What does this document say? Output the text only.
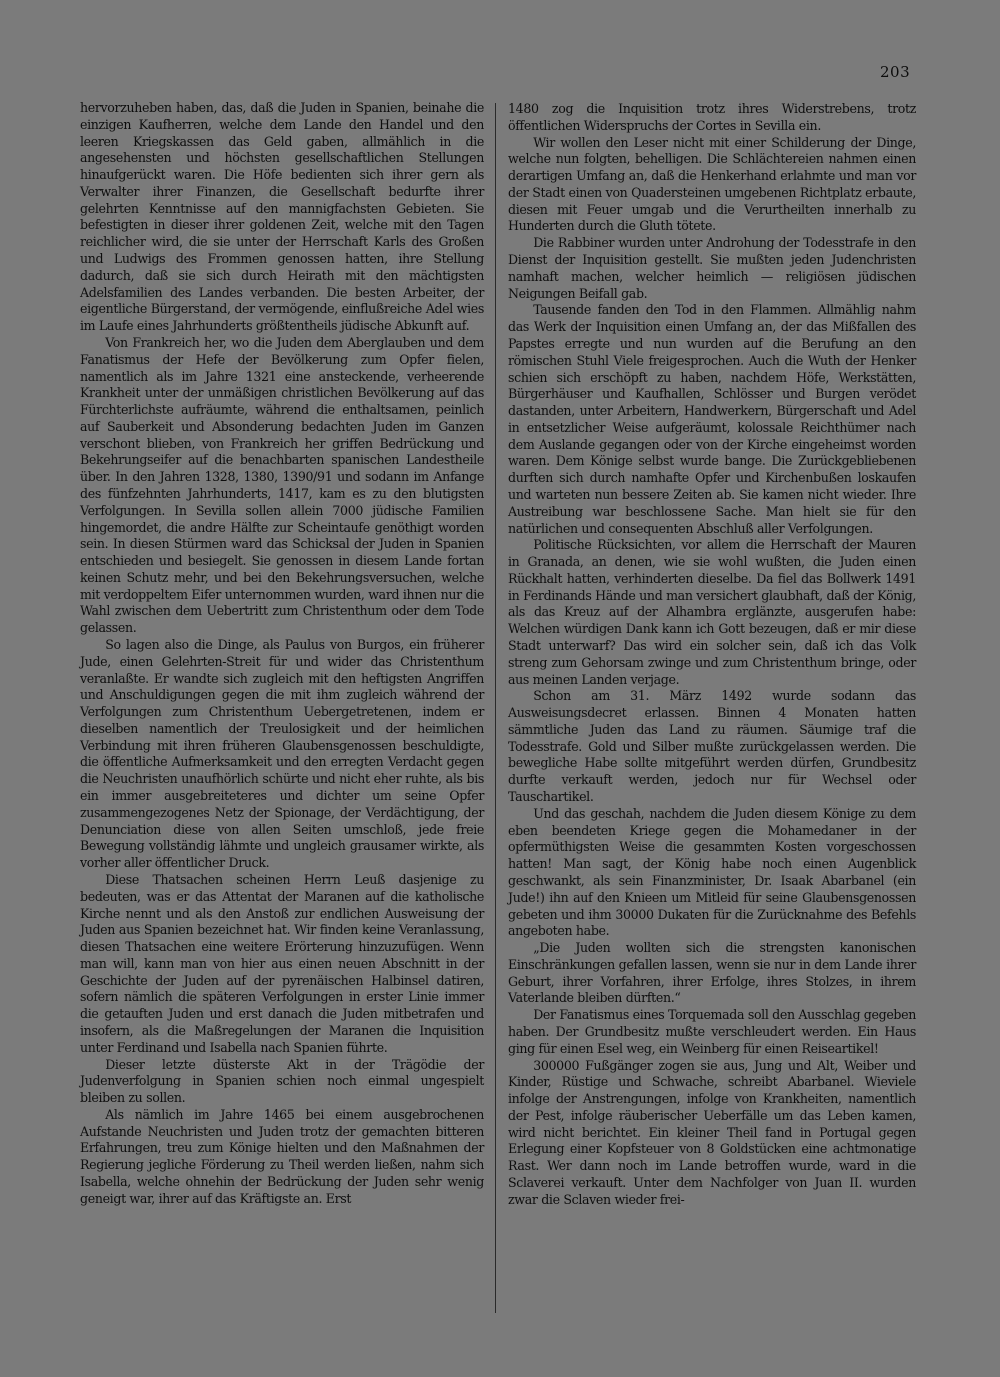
203

hervorzuheben haben, das, daß die Juden in Spanien, beinahe die einzigen Kaufherren, welche dem Lande den Handel und den leeren Kriegskassen das Geld gaben, allmählich in die angesehensten und höchsten gesellschaftlichen Stellungen hinaufgerückt waren. Die Höfe bedienten sich ihrer gern als Verwalter ihrer Finanzen, die Gesellschaft bedurfte ihrer gelehrten Kenntnisse auf den mannigfachsten Gebieten. Sie befestigten in dieser ihrer goldenen Zeit, welche mit den Tagen reichlicher wird, die sie unter der Herrschaft Karls des Großen und Ludwigs des Frommen genossen hatten, ihre Stellung dadurch, daß sie sich durch Heirath mit den mächtigsten Adelsfamilien des Landes verbanden. Die besten Arbeiter, der eigentliche Bürgerstand, der vermögende, einflußreiche Adel wies im Laufe eines Jahrhunderts größtentheils jüdische Abkunft auf.

Von Frankreich her, wo die Juden dem Aberglauben und dem Fanatismus der Hefe der Bevölkerung zum Opfer fielen, namentlich als im Jahre 1321 eine ansteckende, verheerende Krankheit unter der unmäßigen christlichen Bevölkerung auf das Fürchterlichste aufräumte, während die enthaltsamen, peinlich auf Sauberkeit und Absonderung bedachten Juden im Ganzen verschont blieben, von Frankreich her griffen Bedrückung und Bekehrungseifer auf die benachbarten spanischen Landestheile über. In den Jahren 1328, 1380, 1390/91 und sodann im Anfange des fünfzehnten Jahrhunderts, 1417, kam es zu den blutigsten Verfolgungen. In Sevilla sollen allein 7000 jüdische Familien hingemordet, die andre Hälfte zur Scheintaufe genöthigt worden sein. In diesen Stürmen ward das Schicksal der Juden in Spanien entschieden und besiegelt. Sie genossen in diesem Lande fortan keinen Schutz mehr, und bei den Bekehrungsversuchen, welche mit verdoppeltem Eifer unternommen wurden, ward ihnen nur die Wahl zwischen dem Uebertritt zum Christenthum oder dem Tode gelassen.

So lagen also die Dinge, als Paulus von Burgos, ein früherer Jude, einen Gelehrten-Streit für und wider das Christenthum veranlaßte. Er wandte sich zugleich mit den heftigsten Angriffen und Anschuldigungen gegen die mit ihm zugleich während der Verfolgungen zum Christenthum Uebergetretenen, indem er dieselben namentlich der Treulosigkeit und der heimlichen Verbindung mit ihren früheren Glaubensgenossen beschuldigte, die öffentliche Aufmerksamkeit und den erregten Verdacht gegen die Neuchristen unaufhörlich schürte und nicht eher ruhte, als bis ein immer ausgebreiteteres und dichter um seine Opfer zusammengezogenes Netz der Spionage, der Verdächtigung, der Denunciation diese von allen Seiten umschloß, jede freie Bewegung vollständig lähmte und ungleich grausamer wirkte, als vorher aller öffentlicher Druck.

Diese Thatsachen scheinen Herrn Leuß dasjenige zu bedeuten, was er das Attentat der Maranen auf die katholische Kirche nennt und als den Anstoß zur endlichen Ausweisung der Juden aus Spanien bezeichnet hat. Wir finden keine Veranlassung, diesen Thatsachen eine weitere Erörterung hinzuzufügen. Wenn man will, kann man von hier aus einen neuen Abschnitt in der Geschichte der Juden auf der pyrenäischen Halbinsel datiren, sofern nämlich die späteren Verfolgungen in erster Linie immer die getauften Juden und erst danach die Juden mitbetrafen und insofern, als die Maßregelungen der Maranen die Inquisition unter Ferdinand und Isabella nach Spanien führte.

Dieser letzte düsterste Akt in der Trägödie der Judenverfolgung in Spanien schien noch einmal ungespielt bleiben zu sollen.

Als nämlich im Jahre 1465 bei einem ausgebrochenen Aufstande Neuchristen und Juden trotz der gemachten bitteren Erfahrungen, treu zum Könige hielten und den Maßnahmen der Regierung jegliche Förderung zu Theil werden ließen, nahm sich Isabella, welche ohnehin der Bedrückung der Juden sehr wenig geneigt war, ihrer auf das Kräftigste an. Erst

1480 zog die Inquisition trotz ihres Widerstrebens, trotz öffentlichen Widerspruchs der Cortes in Sevilla ein.

Wir wollen den Leser nicht mit einer Schilderung der Dinge, welche nun folgten, behelligen. Die Schlächtereien nahmen einen derartigen Umfang an, daß die Henkerhand erlahmte und man vor der Stadt einen von Quadersteinen umgebenen Richtplatz erbaute, diesen mit Feuer umgab und die Verurtheilten innerhalb zu Hunderten durch die Gluth tötete.

Die Rabbiner wurden unter Androhung der Todesstrafe in den Dienst der Inquisition gestellt. Sie mußten jeden Judenchristen namhaft machen, welcher heimlich — religiösen jüdischen Neigungen Beifall gab.

Tausende fanden den Tod in den Flammen. Allmählig nahm das Werk der Inquisition einen Umfang an, der das Mißfallen des Papstes erregte und nun wurden auf die Berufung an den römischen Stuhl Viele freigesprochen. Auch die Wuth der Henker schien sich erschöpft zu haben, nachdem Höfe, Werkstätten, Bürgerhäuser und Kaufhallen, Schlösser und Burgen verödet dastanden, unter Arbeitern, Handwerkern, Bürgerschaft und Adel in entsetzlicher Weise aufgeräumt, kolossale Reichthümer nach dem Auslande gegangen oder von der Kirche eingeheimst worden waren. Dem Könige selbst wurde bange. Die Zurückgebliebenen durften sich durch namhafte Opfer und Kirchenbußen loskaufen und warteten nun bessere Zeiten ab. Sie kamen nicht wieder. Ihre Austreibung war beschlossene Sache. Man hielt sie für den natürlichen und consequenten Abschluß aller Verfolgungen.

Politische Rücksichten, vor allem die Herrschaft der Mauren in Granada, an denen, wie sie wohl wußten, die Juden einen Rückhalt hatten, verhinderten dieselbe. Da fiel das Bollwerk 1491 in Ferdinands Hände und man versichert glaubhaft, daß der König, als das Kreuz auf der Alhambra erglänzte, ausgerufen habe: Welchen würdigen Dank kann ich Gott bezeugen, daß er mir diese Stadt unterwarf? Das wird ein solcher sein, daß ich das Volk streng zum Gehorsam zwinge und zum Christenthum bringe, oder aus meinen Landen verjage.

Schon am 31. März 1492 wurde sodann das Ausweisungsdecret erlassen. Binnen 4 Monaten hatten sämmtliche Juden das Land zu räumen. Säumige traf die Todesstrafe. Gold und Silber mußte zurückgelassen werden. Die bewegliche Habe sollte mitgeführt werden dürfen, Grundbesitz durfte verkauft werden, jedoch nur für Wechsel oder Tauschartikel.

Und das geschah, nachdem die Juden diesem Könige zu dem eben beendeten Kriege gegen die Mohamedaner in der opfermüthigsten Weise die gesammten Kosten vorgeschossen hatten! Man sagt, der König habe noch einen Augenblick geschwankt, als sein Finanzminister, Dr. Isaak Abarbanel (ein Jude!) ihn auf den Knieen um Mitleid für seine Glaubensgenossen gebeten und ihm 30000 Dukaten für die Zurücknahme des Befehls angeboten habe.

„Die Juden wollten sich die strengsten kanonischen Einschränkungen gefallen lassen, wenn sie nur in dem Lande ihrer Geburt, ihrer Vorfahren, ihrer Erfolge, ihres Stolzes, in ihrem Vaterlande bleiben dürften.“

Der Fanatismus eines Torquemada soll den Ausschlag gegeben haben. Der Grundbesitz mußte verschleudert werden. Ein Haus ging für einen Esel weg, ein Weinberg für einen Reiseartikel!

300000 Fußgänger zogen sie aus, Jung und Alt, Weiber und Kinder, Rüstige und Schwache, schreibt Abarbanel. Wieviele infolge der Anstrengungen, infolge von Krankheiten, namentlich der Pest, infolge räuberischer Ueberfälle um das Leben kamen, wird nicht berichtet. Ein kleiner Theil fand in Portugal gegen Erlegung einer Kopfsteuer von 8 Goldstücken eine achtmonatige Rast. Wer dann noch im Lande betroffen wurde, ward in die Sclaverei verkauft. Unter dem Nachfolger von Juan II. wurden zwar die Sclaven wieder frei-
